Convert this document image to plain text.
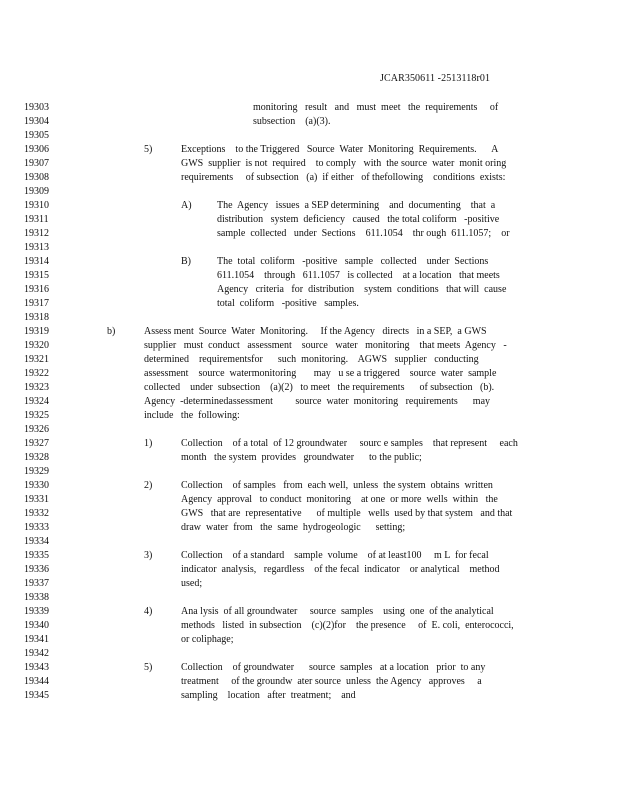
JCAR350611 -2513118r01
19303	monitoring   result   and   must  meet   the  requirements     of
19304	subsection    (a)(3).
19305
19306	5)	Exceptions    to the Triggered   Source  Water  Monitoring  Requirements.      A
19307	GWS  supplier  is not  required    to comply   with  the source  water  monit oring
19308	requirements     of subsection   (a)  if either   of thefollowing    conditions  exists:
19309
19310	A)	The  Agency   issues  a SEP determining    and  documenting    that  a
19311	distribution   system  deficiency   caused   the total coliform   -positive
19312	sample  collected   under  Sections    611.1054    thr ough  611.1057;    or
19313
19314	B)	The  total  coliform   -positive   sample   collected    under  Sections
19315	611.1054    through   611.1057   is collected    at a location   that meets
19316	Agency   criteria   for  distribution    system  conditions   that will  cause
19317	total  coliform   -positive   samples.
19318
19319	b)	Assess ment  Source  Water  Monitoring.     If the Agency   directs   in a SEP,  a GWS
19320	supplier   must  conduct   assessment    source   water   monitoring    that meets  Agency   -
19321	determined    requirementsfor      such  monitoring.    AGWS   supplier   conducting
19322	assessment    source  watermonitoring       may   u se a triggered    source  water  sample
19323	collected    under  subsection    (a)(2)   to meet   the requirements      of subsection   (b).
19324	Agency  -determinedassessment         source  water  monitoring   requirements      may
19325	include   the  following:
19326
19327	1)	Collection    of a total  of 12 groundwater     sourc e samples    that represent     each
19328	month   the system  provides   groundwater      to the public;
19329
19330	2)	Collection    of samples   from  each well,  unless  the system  obtains  written
19331	Agency  approval   to conduct  monitoring    at one  or more  wells  within   the
19332	GWS   that are  representative      of multiple   wells  used by that system   and that
19333	draw  water  from   the  same  hydrogeologic      setting;
19334
19335	3)	Collection    of a standard    sample  volume    of at least100     m L  for fecal
19336	indicator  analysis,   regardless    of the fecal  indicator    or analytical    method
19337	used;
19338
19339	4)	Ana lysis  of all groundwater     source  samples    using  one  of the analytical
19340	methods   listed  in subsection    (c)(2)for    the presence     of  E. coli,  enterococci,
19341	or coliphage;
19342
19343	5)	Collection    of groundwater      source  samples   at a location   prior  to any
19344	treatment     of the groundw  ater source  unless  the Agency   approves     a
19345	sampling    location   after  treatment;    and
